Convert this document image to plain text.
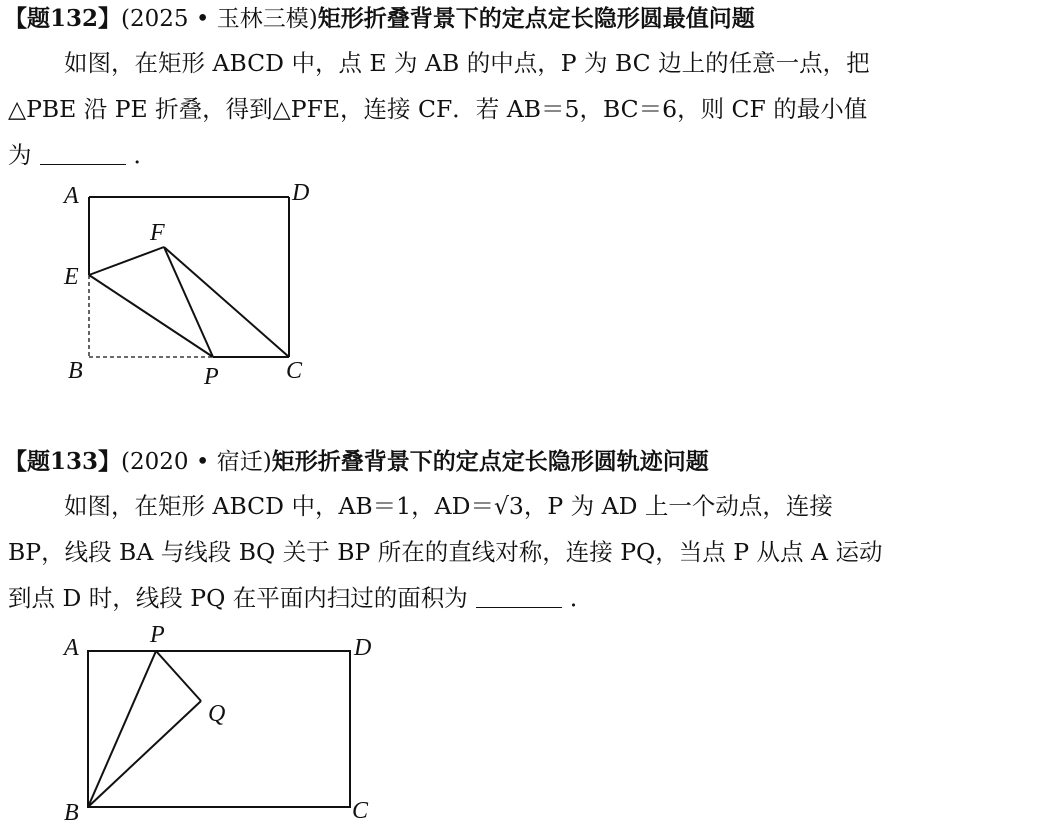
【题132】(2025 • 玉林三模)矩形折叠背景下的定点定长隐形圆最值问题
如图，在矩形 ABCD 中，点 E 为 AB 的中点，P 为 BC 边上的任意一点，把
△PBE 沿 PE 折叠，得到△PFE，连接 CF．若 AB＝5，BC＝6，则 CF 的最小值
为	．
A	D
F
E
B	P	C
【题133】(2020 • 宿迁)矩形折叠背景下的定点定长隐形圆轨迹问题
如图，在矩形 ABCD 中，AB＝1，AD＝√3，P 为 AD 上一个动点，连接
BP，线段 BA 与线段 BQ 关于 BP 所在的直线对称，连接 PQ，当点 P 从点 A 运动
到点 D 时，线段 PQ 在平面内扫过的面积为	．
A	P	D
Q
B	C
